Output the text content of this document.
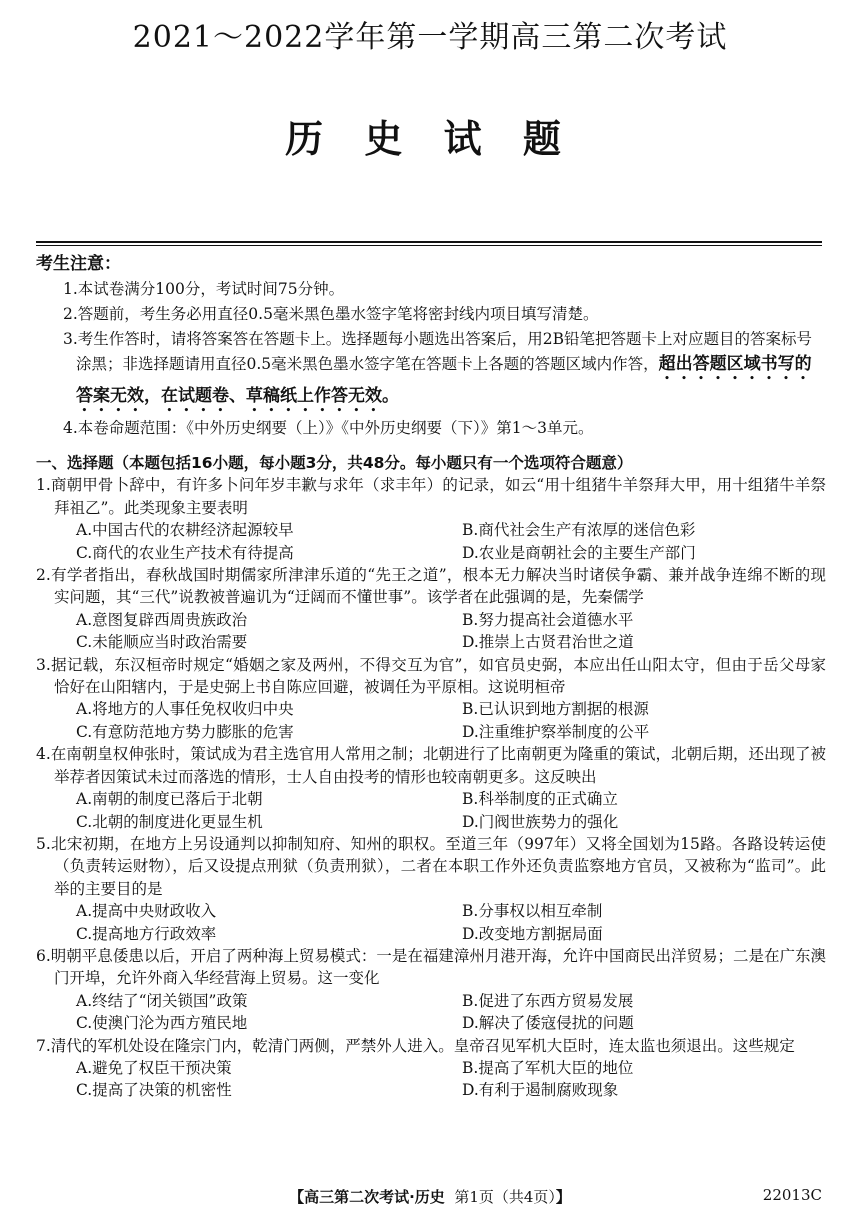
2021～2022学年第一学期高三第二次考试
历 史 试 题
考生注意：
1.本试卷满分100分，考试时间75分钟。
2.答题前，考生务必用直径0.5毫米黑色墨水签字笔将密封线内项目填写清楚。
3.考生作答时，请将答案答在答题卡上。选择题每小题选出答案后，用2B铅笔把答题卡上对应题目的答案标号涂黑；非选择题请用直径0.5毫米黑色墨水签字笔在答题卡上各题的答题区域内作答，超出答题区域书写的答案无效，在试题卷、草稿纸上作答无效。
4.本卷命题范围：《中外历史纲要（上）》《中外历史纲要（下）》第1～3单元。
一、选择题（本题包括16小题，每小题3分，共48分。每小题只有一个选项符合题意）
1.商朝甲骨卜辞中，有许多卜问年岁丰歉与求年（求丰年）的记录，如云“用十组猪牛羊祭拜大甲，用十组猪牛羊祭拜祖乙”。此类现象主要表明
A.中国古代的农耕经济起源较早	B.商代社会生产有浓厚的迷信色彩
C.商代的农业生产技术有待提高	D.农业是商朝社会的主要生产部门
2.有学者指出，春秋战国时期儒家所津津乐道的“先王之道”，根本无力解决当时诸侯争霸、兼并战争连绵不断的现实问题，其“三代”说教被普遍讥为“迂阔而不懂世事”。该学者在此强调的是，先秦儒学
A.意图复辟西周贵族政治	B.努力提高社会道德水平
C.未能顺应当时政治需要	D.推崇上古贤君治世之道
3.据记载，东汉桓帝时规定“婚姻之家及两州，不得交互为官”，如官员史弼，本应出任山阳太守，但由于岳父母家恰好在山阳辖内，于是史弼上书自陈应回避，被调任为平原相。这说明桓帝
A.将地方的人事任免权收归中央	B.已认识到地方割据的根源
C.有意防范地方势力膨胀的危害	D.注重维护察举制度的公平
4.在南朝皇权伸张时，策试成为君主选官用人常用之制；北朝进行了比南朝更为隆重的策试，北朝后期，还出现了被举荐者因策试未过而落选的情形，士人自由投考的情形也较南朝更多。这反映出
A.南朝的制度已落后于北朝	B.科举制度的正式确立
C.北朝的制度进化更显生机	D.门阀世族势力的强化
5.北宋初期，在地方上另设通判以抑制知府、知州的职权。至道三年（997年）又将全国划为15路。各路设转运使（负责转运财物），后又设提点刑狱（负责刑狱），二者在本职工作外还负责监察地方官员，又被称为“监司”。此举的主要目的是
A.提高中央财政收入	B.分事权以相互牵制
C.提高地方行政效率	D.改变地方割据局面
6.明朝平息倭患以后，开启了两种海上贸易模式：一是在福建漳州月港开海，允许中国商民出洋贸易；二是在广东澳门开埠，允许外商入华经营海上贸易。这一变化
A.终结了“闭关锁国”政策	B.促进了东西方贸易发展
C.使澳门沦为西方殖民地	D.解决了倭寇侵扰的问题
7.清代的军机处设在隆宗门内，乾清门两侧，严禁外人进入。皇帝召见军机大臣时，连太监也须退出。这些规定
A.避免了权臣干预决策	B.提高了军机大臣的地位
C.提高了决策的机密性	D.有利于遏制腐败现象
【高三第二次考试·历史 第1页（共4页）】	22013C
